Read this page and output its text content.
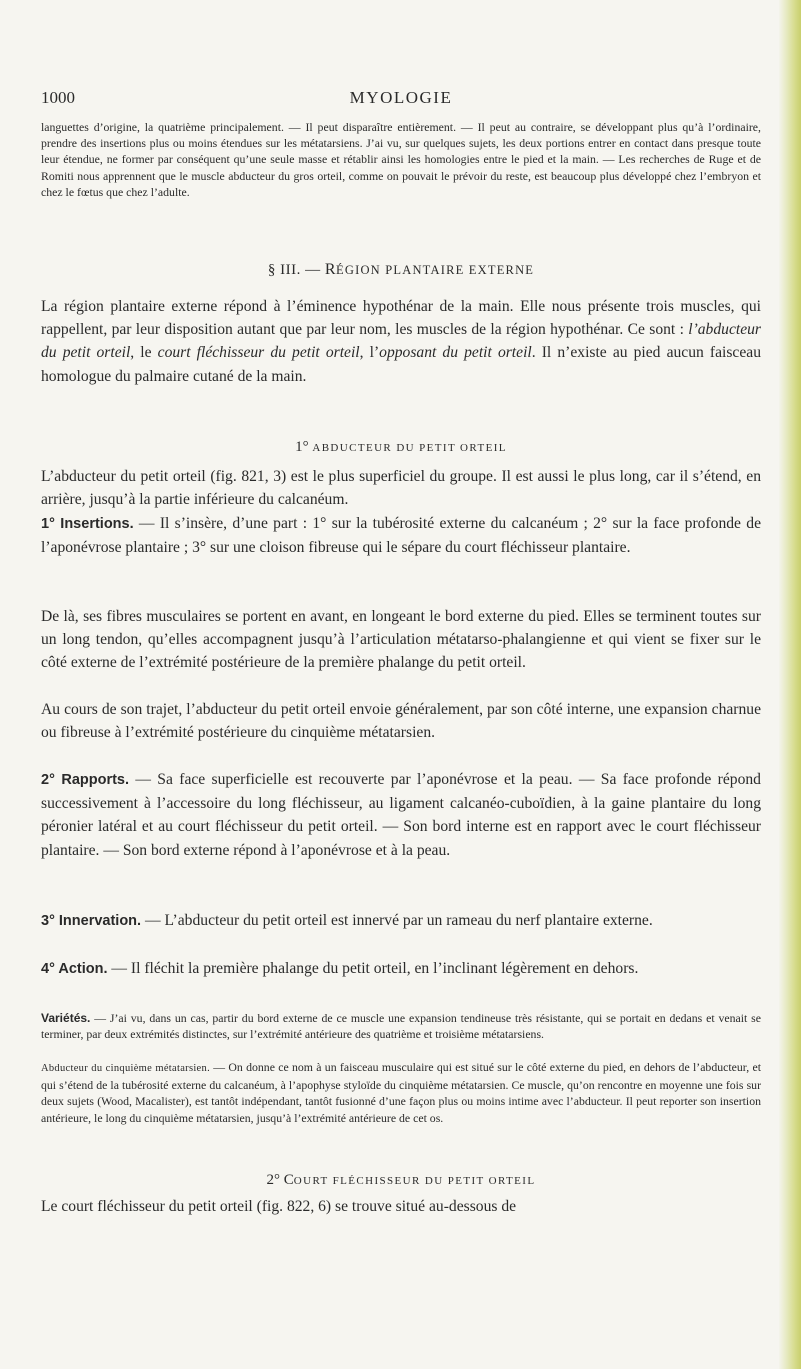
1000	MYOLOGIE

languettes d’origine, la quatrième principalement. — Il peut disparaître entièrement. — Il peut au contraire, se développant plus qu’à l’ordinaire, prendre des insertions plus ou moins étendues sur les métatarsiens. J’ai vu, sur quelques sujets, les deux portions entrer en contact dans presque toute leur étendue, ne former par conséquent qu’une seule masse et rétablir ainsi les homologies entre le pied et la main. — Les recherches de Ruge et de Romiti nous apprennent que le muscle abducteur du gros orteil, comme on pouvait le prévoir du reste, est beaucoup plus développé chez l’embryon et chez le fœtus que chez l’adulte.

§ III. — RÉGION PLANTAIRE EXTERNE

La région plantaire externe répond à l’éminence hypothénar de la main. Elle nous présente trois muscles, qui rappellent, par leur disposition autant que par leur nom, les muscles de la région hypothénar. Ce sont : l’abducteur du petit orteil, le court fléchisseur du petit orteil, l’opposant du petit orteil. Il n’existe au pied aucun faisceau homologue du palmaire cutané de la main.

1° ABDUCTEUR DU PETIT ORTEIL

L’abducteur du petit orteil (fig. 821, 3) est le plus superficiel du groupe. Il est aussi le plus long, car il s’étend, en arrière, jusqu’à la partie inférieure du calcanéum.

1° Insertions. — Il s’insère, d’une part : 1° sur la tubérosité externe du calcanéum ; 2° sur la face profonde de l’aponévrose plantaire ; 3° sur une cloison fibreuse qui le sépare du court fléchisseur plantaire.

De là, ses fibres musculaires se portent en avant, en longeant le bord externe du pied. Elles se terminent toutes sur un long tendon, qu’elles accompagnent jusqu’à l’articulation métatarso-phalangienne et qui vient se fixer sur le côté externe de l’extrémité postérieure de la première phalange du petit orteil.

Au cours de son trajet, l’abducteur du petit orteil envoie généralement, par son côté interne, une expansion charnue ou fibreuse à l’extrémité postérieure du cinquième métatarsien.

2° Rapports. — Sa face superficielle est recouverte par l’aponévrose et la peau. — Sa face profonde répond successivement à l’accessoire du long fléchisseur, au ligament calcanéo-cuboïdien, à la gaine plantaire du long péronier latéral et au court fléchisseur du petit orteil. — Son bord interne est en rapport avec le court fléchisseur plantaire. — Son bord externe répond à l’aponévrose et à la peau.

3° Innervation. — L’abducteur du petit orteil est innervé par un rameau du nerf plantaire externe.

4° Action. — Il fléchit la première phalange du petit orteil, en l’inclinant légèrement en dehors.

Variétés. — J’ai vu, dans un cas, partir du bord externe de ce muscle une expansion tendineuse très résistante, qui se portait en dedans et venait se terminer, par deux extrémités distinctes, sur l’extrémité antérieure des quatrième et troisième métatarsiens.

Abducteur du cinquième métatarsien. — On donne ce nom à un faisceau musculaire qui est situé sur le côté externe du pied, en dehors de l’abducteur, et qui s’étend de la tubérosité externe du calcanéum, à l’apophyse styloïde du cinquième métatarsien. Ce muscle, qu’on rencontre en moyenne une fois sur deux sujets (Wood, Macalister), est tantôt indépendant, tantôt fusionné d’une façon plus ou moins intime avec l’abducteur. Il peut reporter son insertion antérieure, le long du cinquième métatarsien, jusqu’à l’extrémité antérieure de cet os.

2° COURT FLÉCHISSEUR DU PETIT ORTEIL

Le court fléchisseur du petit orteil (fig. 822, 6) se trouve situé au-dessous de
